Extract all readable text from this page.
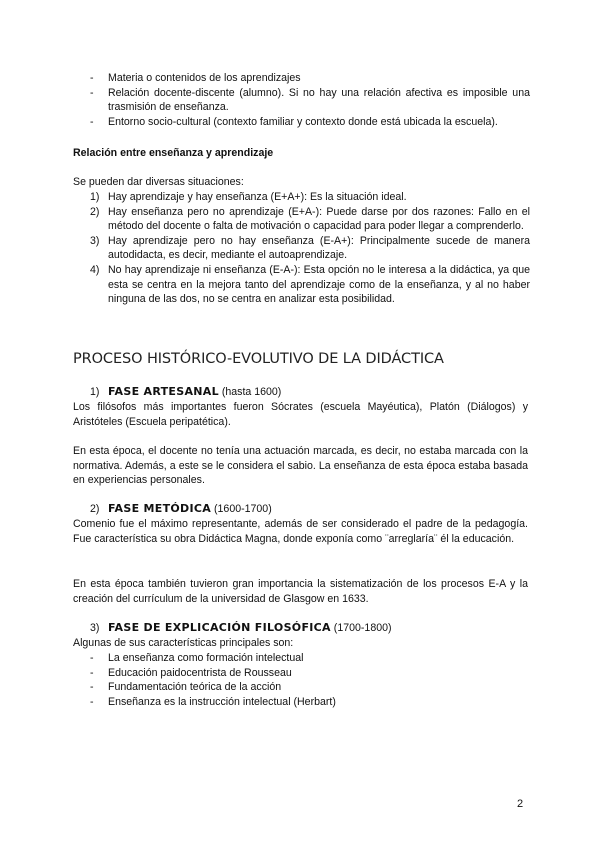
- Materia o contenidos de los aprendizajes
- Relación docente-discente (alumno). Si no hay una relación afectiva es imposible una trasmisión de enseñanza.
- Entorno socio-cultural (contexto familiar y contexto donde está ubicada la escuela).

Relación entre enseñanza y aprendizaje

Se pueden dar diversas situaciones:

1) Hay aprendizaje y hay enseñanza (E+A+): Es la situación ideal.
2) Hay enseñanza pero no aprendizaje (E+A-): Puede darse por dos razones: Fallo en el método del docente o falta de motivación o capacidad para poder llegar a comprenderlo.
3) Hay aprendizaje pero no hay enseñanza (E-A+): Principalmente sucede de manera autodidacta, es decir, mediante el autoaprendizaje.
4) No hay aprendizaje ni enseñanza (E-A-): Esta opción no le interesa a la didáctica, ya que esta se centra en la mejora tanto del aprendizaje como de la enseñanza, y al no haber ninguna de las dos, no se centra en analizar esta posibilidad.
PROCESO HISTÓRICO-EVOLUTIVO DE LA DIDÁCTICA

1) FASE ARTESANAL (hasta 1600)

Los filósofos más importantes fueron Sócrates (escuela Mayéutica), Platón (Diálogos) y Aristóteles (Escuela peripatética).

En esta época, el docente no tenía una actuación marcada, es decir, no estaba marcada con la normativa. Además, a este se le considera el sabio. La enseñanza de esta época estaba basada en experiencias personales.

2) FASE METÓDICA (1600-1700)

Comenio fue el máximo representante, además de ser considerado el padre de la pedagogía. Fue característica su obra Didáctica Magna, donde exponía como ¨arreglaría¨ él la educación.

En esta época también tuvieron gran importancia la sistematización de los procesos E-A y la creación del currículum de la universidad de Glasgow en 1633.

3) FASE DE EXPLICACIÓN FILOSÓFICA (1700-1800)

Algunas de sus características principales son:

- La enseñanza como formación intelectual
- Educación paidocentrista de Rousseau
- Fundamentación teórica de la acción
- Enseñanza es la instrucción intelectual (Herbart)
2
